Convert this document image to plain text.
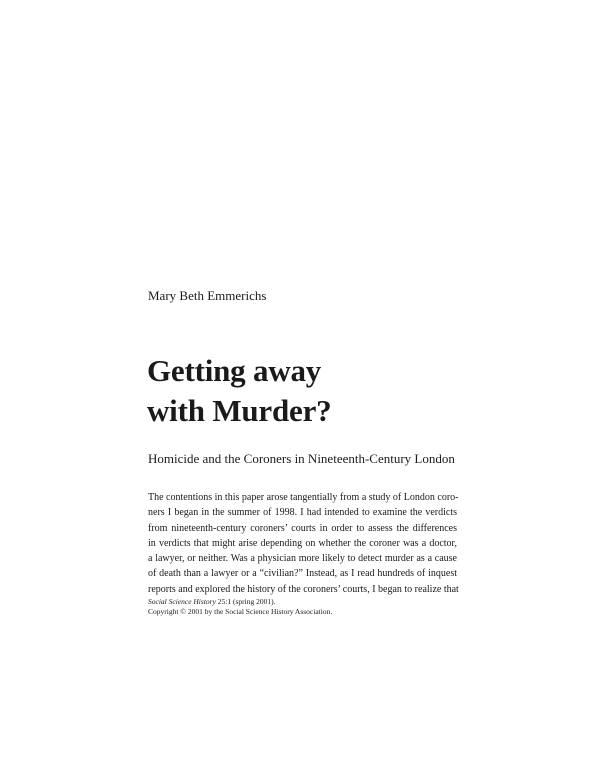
Mary Beth Emmerichs

Getting away
with Murder?

Homicide and the Coroners in Nineteenth-Century London

The contentions in this paper arose tangentially from a study of London coro-
ners I began in the summer of 1998. I had intended to examine the verdicts
from nineteenth-century coroners’ courts in order to assess the differences
in verdicts that might arise depending on whether the coroner was a doctor,
a lawyer, or neither. Was a physician more likely to detect murder as a cause
of death than a lawyer or a “civilian?” Instead, as I read hundreds of inquest
reports and explored the history of the coroners’ courts, I began to realize that
Social Science History 25:1 (spring 2001).
Copyright © 2001 by the Social Science History Association.
